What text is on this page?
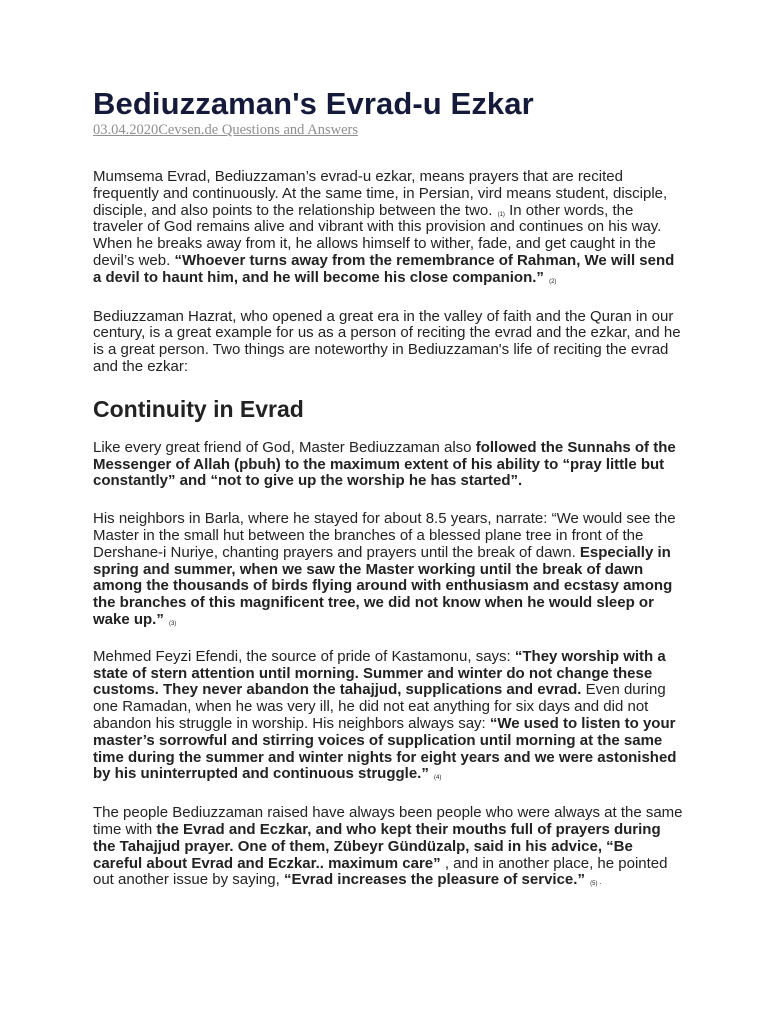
Bediuzzaman's Evrad-u Ezkar
03.04.2020Cevsen.de Questions and Answers

Mumsema Evrad, Bediuzzaman’s evrad-u ezkar, means prayers that are recited frequently and continuously. At the same time, in Persian, vird means student, disciple, disciple, and also points to the relationship between the two. $^{(1)}$ In other words, the traveler of God remains alive and vibrant with this provision and continues on his way. When he breaks away from it, he allows himself to wither, fade, and get caught in the devil’s web. “Whoever turns away from the remembrance of Rahman, We will send a devil to haunt him, and he will become his close companion.” $^{(2)}$

Bediuzzaman Hazrat, who opened a great era in the valley of faith and the Quran in our century, is a great example for us as a person of reciting the evrad and the ezkar, and he is a great person. Two things are noteworthy in Bediuzzaman's life of reciting the evrad and the ezkar:

Continuity in Evrad

Like every great friend of God, Master Bediuzzaman also followed the Sunnahs of the Messenger of Allah (pbuh) to the maximum extent of his ability to “pray little but constantly” and “not to give up the worship he has started”.

His neighbors in Barla, where he stayed for about 8.5 years, narrate: “We would see the Master in the small hut between the branches of a blessed plane tree in front of the Dershane-i Nuriye, chanting prayers and prayers until the break of dawn. Especially in spring and summer, when we saw the Master working until the break of dawn among the thousands of birds flying around with enthusiasm and ecstasy among the branches of this magnificent tree, we did not know when he would sleep or wake up.” $^{(3)}$

Mehmed Feyzi Efendi, the source of pride of Kastamonu, says: “They worship with a state of stern attention until morning. Summer and winter do not change these customs. They never abandon the tahajjud, supplications and evrad. Even during one Ramadan, when he was very ill, he did not eat anything for six days and did not abandon his struggle in worship. His neighbors always say: “We used to listen to your master’s sorrowful and stirring voices of supplication until morning at the same time during the summer and winter nights for eight years and we were astonished by his uninterrupted and continuous struggle.” $^{(4)}$

The people Bediuzzaman raised have always been people who were always at the same time with the Evrad and Eczkar, and who kept their mouths full of prayers during the Tahajjud prayer. One of them, Zübeyr Gündüzalp, said in his advice, “Be careful about Evrad and Eczkar.. maximum care” , and in another place, he pointed out another issue by saying, “Evrad increases the pleasure of service.” $^{(5)}$ .
